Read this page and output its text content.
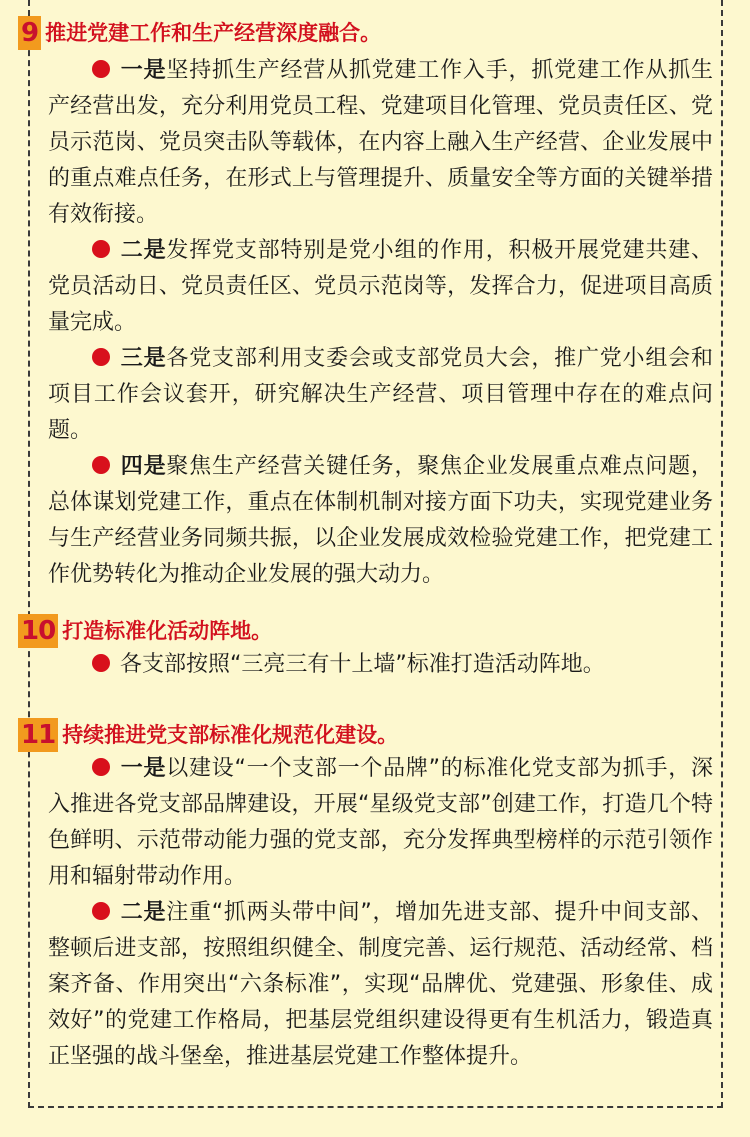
9 推进党建工作和生产经营深度融合。
一是坚持抓生产经营从抓党建工作入手，抓党建工作从抓生产经营出发，充分利用党员工程、党建项目化管理、党员责任区、党员示范岗、党员突击队等载体，在内容上融入生产经营、企业发展中的重点难点任务，在形式上与管理提升、质量安全等方面的关键举措有效衔接。
二是发挥党支部特别是党小组的作用，积极开展党建共建、党员活动日、党员责任区、党员示范岗等，发挥合力，促进项目高质量完成。
三是各党支部利用支委会或支部党员大会，推广党小组会和项目工作会议套开，研究解决生产经营、项目管理中存在的难点问题。
四是聚焦生产经营关键任务，聚焦企业发展重点难点问题，总体谋划党建工作，重点在体制机制对接方面下功夫，实现党建业务与生产经营业务同频共振，以企业发展成效检验党建工作，把党建工作优势转化为推动企业发展的强大动力。
10 打造标准化活动阵地。
各支部按照“三亮三有十上墙”标准打造活动阵地。
11 持续推进党支部标准化规范化建设。
一是以建设“一个支部一个品牌”的标准化党支部为抓手，深入推进各党支部品牌建设，开展“星级党支部”创建工作，打造几个特色鲜明、示范带动能力强的党支部，充分发挥典型榜样的示范引领作用和辐射带动作用。
二是注重“抓两头带中间”，增加先进支部、提升中间支部、整顿后进支部，按照组织健全、制度完善、运行规范、活动经常、档案齐备、作用突出“六条标准”，实现“品牌优、党建强、形象佳、成效好”的党建工作格局，把基层党组织建设得更有生机活力，锻造真正坚强的战斗堡垒，推进基层党建工作整体提升。
